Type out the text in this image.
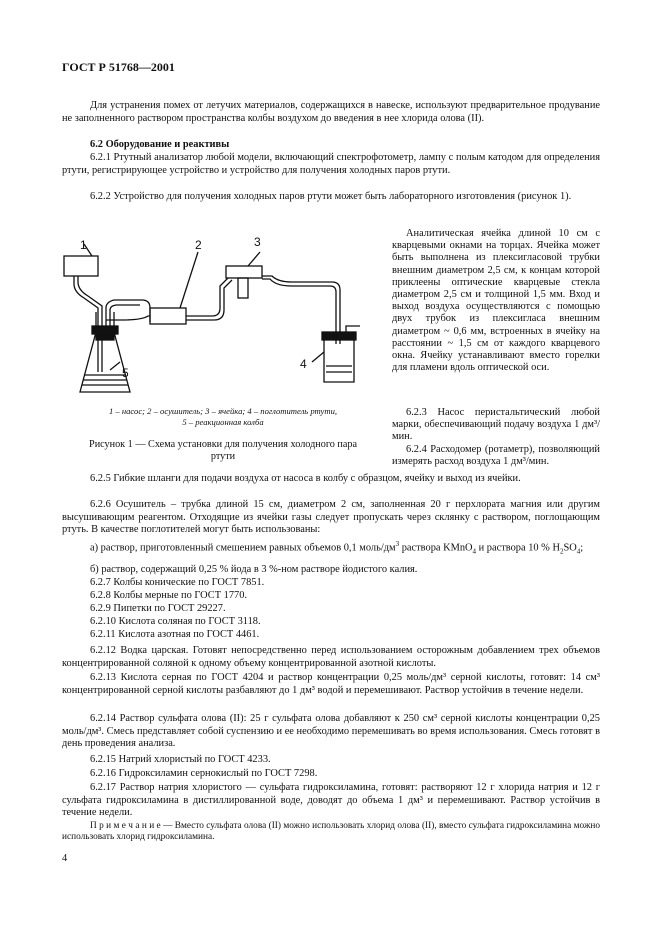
ГОСТ Р 51768—2001
Для устранения помех от летучих материалов, содержащихся в навеске, используют предварительное продувание не заполненного раствором пространства колбы воздухом до введения в нее хлорида олова (II).
6.2 Оборудование и реактивы
6.2.1 Ртутный анализатор любой модели, включающий спектрофотометр, лампу с полым катодом для определения ртути, регистрирующее устройство и устройство для получения холодных паров ртути.
6.2.2 Устройство для получения холодных паров ртути может быть лабораторного изготовления (рисунок 1).
1	2	3
4
5
1 – насос; 2 – осушитель; 3 – ячейка; 4 – поглотитель ртути,
5 – реакционная колба
Рисунок 1 — Схема установки для получения холодного пара
ртути
Аналитическая ячейка длиной 10 см с кварцевыми окнами на торцах. Ячейка может быть выполнена из плексигласовой трубки внешним диаметром 2,5 см, к концам которой приклеены оптические кварцевые стекла диаметром 2,5 см и толщиной 1,5 мм. Вход и выход воздуха осуществляются с помощью двух трубок из плексигласа внешним диаметром ~ 0,6 мм, встроенных в ячейку на расстоянии ~ 1,5 см от каждого кварцевого окна. Ячейку устанавливают вместо горелки для пламени вдоль оптической оси.
6.2.3 Насос перистальтический любой марки, обеспечивающий подачу воздуха 1 дм³/мин.
6.2.4 Расходомер (ротаметр), позволяющий измерять расход воздуха 1 дм³/мин.
6.2.5 Гибкие шланги для подачи воздуха от насоса в колбу с образцом, ячейку и выход из ячейки.
6.2.6 Осушитель – трубка длиной 15 см, диаметром 2 см, заполненная 20 г перхлората магния или другим высушивающим реагентом. Отходящие из ячейки газы следует пропускать через склянку с раствором, поглощающим ртуть. В качестве поглотителей могут быть использованы:
а) раствор, приготовленный смешением равных объемов 0,1 моль/$дм^3$ раствора KMnO$_4$ и раствора 10 % $H_2SO_4$;
б) раствор, содержащий 0,25 % йода в 3 %-ном растворе йодистого калия.
6.2.7 Колбы конические по ГОСТ 7851.
6.2.8 Колбы мерные по ГОСТ 1770.
6.2.9 Пипетки по ГОСТ 29227.
6.2.10 Кислота соляная по ГОСТ 3118.
6.2.11 Кислота азотная по ГОСТ 4461.
6.2.12 Водка царская. Готовят непосредственно перед использованием осторожным добавлением трех объемов концентрированной соляной к одному объему концентрированной азотной кислоты.
6.2.13 Кислота серная по ГОСТ 4204 и раствор концентрации 0,25 моль/дм³ серной кислоты, готовят: 14 см³ концентрированной серной кислоты разбавляют до 1 дм³ водой и перемешивают. Раствор устойчив в течение недели.
6.2.14 Раствор сульфата олова (II): 25 г сульфата олова добавляют к 250 см³ серной кислоты концентрации 0,25 моль/дм³. Смесь представляет собой суспензию и ее необходимо перемешивать во время использования. Смесь готовят в день проведения анализа.
6.2.15 Натрий хлористый по ГОСТ 4233.
6.2.16 Гидроксиламин сернокислый по ГОСТ 7298.
6.2.17 Раствор натрия хлористого — сульфата гидроксиламина, готовят: растворяют 12 г хлорида натрия и 12 г сульфата гидроксиламина в дистиллированной воде, доводят до объема 1 дм³ и перемешивают. Раствор устойчив в течение недели.
П р и м е ч а н и е — Вместо сульфата олова (II) можно использовать хлорид олова (II), вместо сульфата гидроксиламина можно использовать хлорид гидроксиламина.
4
